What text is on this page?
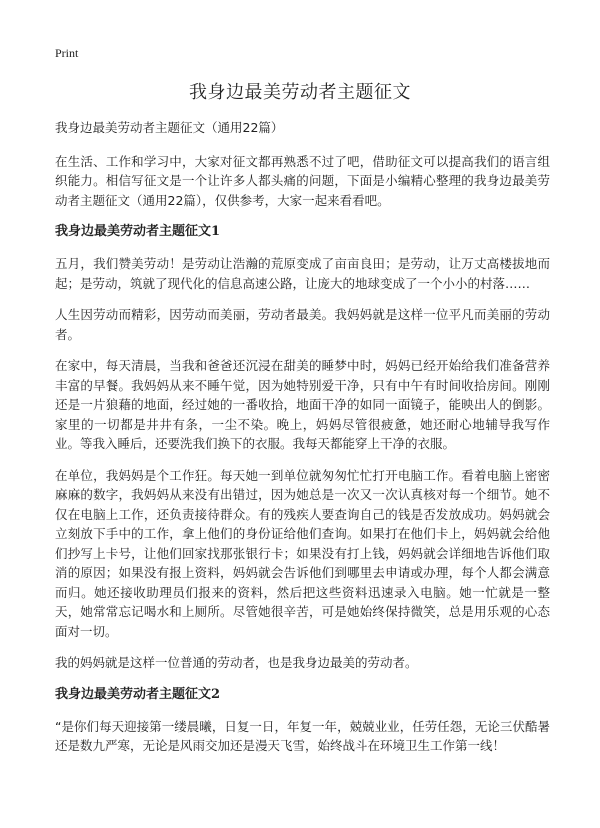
Print
我身边最美劳动者主题征文

我身边最美劳动者主题征文（通用22篇）

在生活、工作和学习中，大家对征文都再熟悉不过了吧，借助征文可以提高我们的语言组织能力。相信写征文是一个让许多人都头痛的问题，下面是小编精心整理的我身边最美劳动者主题征文（通用22篇），仅供参考，大家一起来看看吧。

我身边最美劳动者主题征文1

五月，我们赞美劳动！是劳动让浩瀚的荒原变成了亩亩良田；是劳动，让万丈高楼拔地而起；是劳动，筑就了现代化的信息高速公路，让庞大的地球变成了一个小小的村落……

人生因劳动而精彩，因劳动而美丽，劳动者最美。我妈妈就是这样一位平凡而美丽的劳动者。

在家中，每天清晨，当我和爸爸还沉浸在甜美的睡梦中时，妈妈已经开始给我们准备营养丰富的早餐。我妈妈从来不睡午觉，因为她特别爱干净，只有中午有时间收拾房间。刚刚还是一片狼藉的地面，经过她的一番收拾，地面干净的如同一面镜子，能映出人的倒影。家里的一切都是井井有条，一尘不染。晚上，妈妈尽管很疲惫，她还耐心地辅导我写作业。等我入睡后，还要洗我们换下的衣服。我每天都能穿上干净的衣服。

在单位，我妈妈是个工作狂。每天她一到单位就匆匆忙忙打开电脑工作。看着电脑上密密麻麻的数字，我妈妈从来没有出错过，因为她总是一次又一次认真核对每一个细节。她不仅在电脑上工作，还负责接待群众。有的残疾人要查询自己的钱是否发放成功。妈妈就会立刻放下手中的工作，拿上他们的身份证给他们查询。如果打在他们卡上，妈妈就会给他们抄写上卡号，让他们回家找那张银行卡；如果没有打上钱，妈妈就会详细地告诉他们取消的原因；如果没有报上资料，妈妈就会告诉他们到哪里去申请或办理，每个人都会满意而归。她还接收助理员们报来的资料，然后把这些资料迅速录入电脑。她一忙就是一整天，她常常忘记喝水和上厕所。尽管她很辛苦，可是她始终保持微笑，总是用乐观的心态面对一切。

我的妈妈就是这样一位普通的劳动者，也是我身边最美的劳动者。

我身边最美劳动者主题征文2

“是你们每天迎接第一缕晨曦，日复一日，年复一年，兢兢业业，任劳任怨，无论三伏酷暑还是数九严寒，无论是风雨交加还是漫天飞雪，始终战斗在环境卫生工作第一线！
